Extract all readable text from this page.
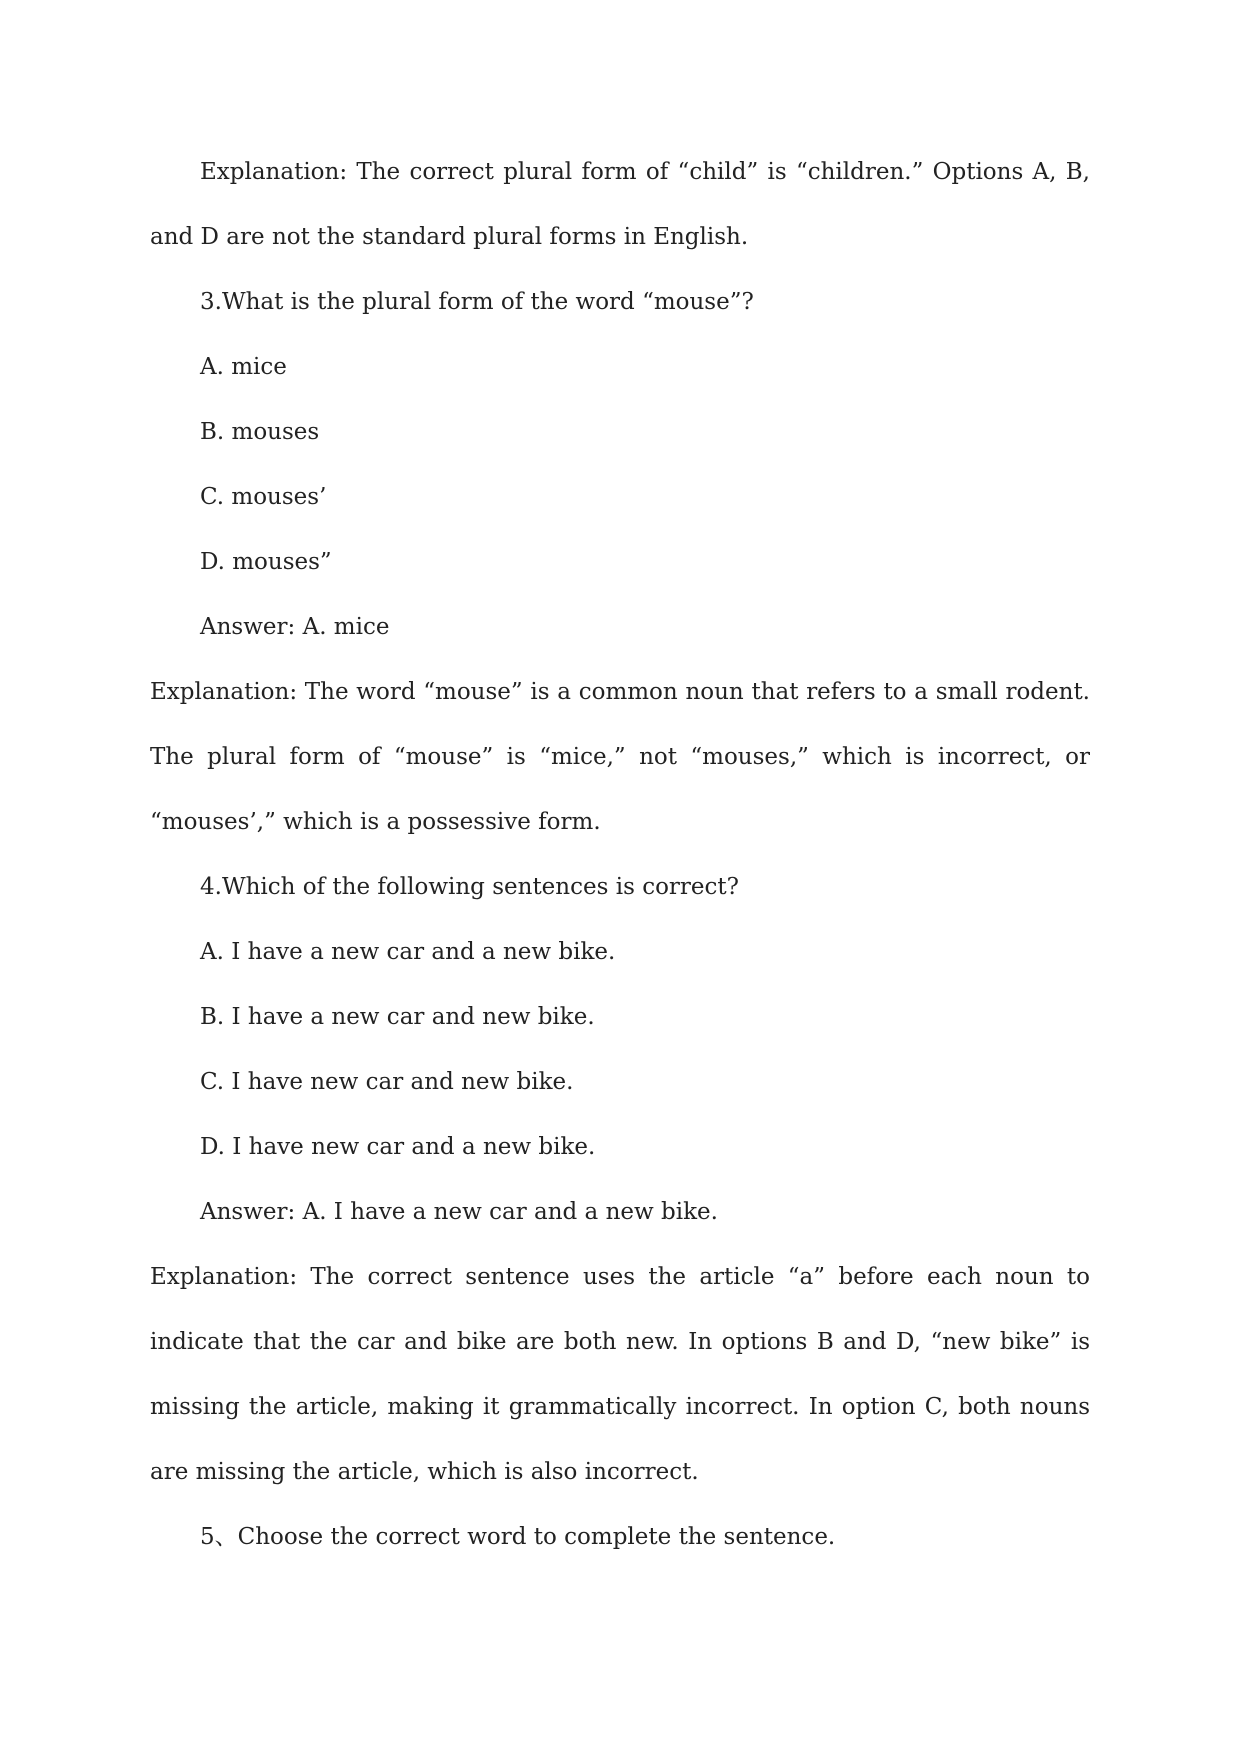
Explanation: The correct plural form of “child” is “children.” Options A, B, and D are not the standard plural forms in English.

3.What is the plural form of the word “mouse”?

A. mice

B. mouses

C. mouses’

D. mouses”

Answer: A. mice

Explanation: The word “mouse” is a common noun that refers to a small rodent. The plural form of “mouse” is “mice,” not “mouses,” which is incorrect, or “mouses’,” which is a possessive form.

4.Which of the following sentences is correct?

A. I have a new car and a new bike.

B. I have a new car and new bike.

C. I have new car and new bike.

D. I have new car and a new bike.

Answer: A. I have a new car and a new bike.

Explanation: The correct sentence uses the article “a” before each noun to indicate that the car and bike are both new. In options B and D, “new bike” is missing the article, making it grammatically incorrect. In option C, both nouns are missing the article, which is also incorrect.

5、Choose the correct word to complete the sentence.
